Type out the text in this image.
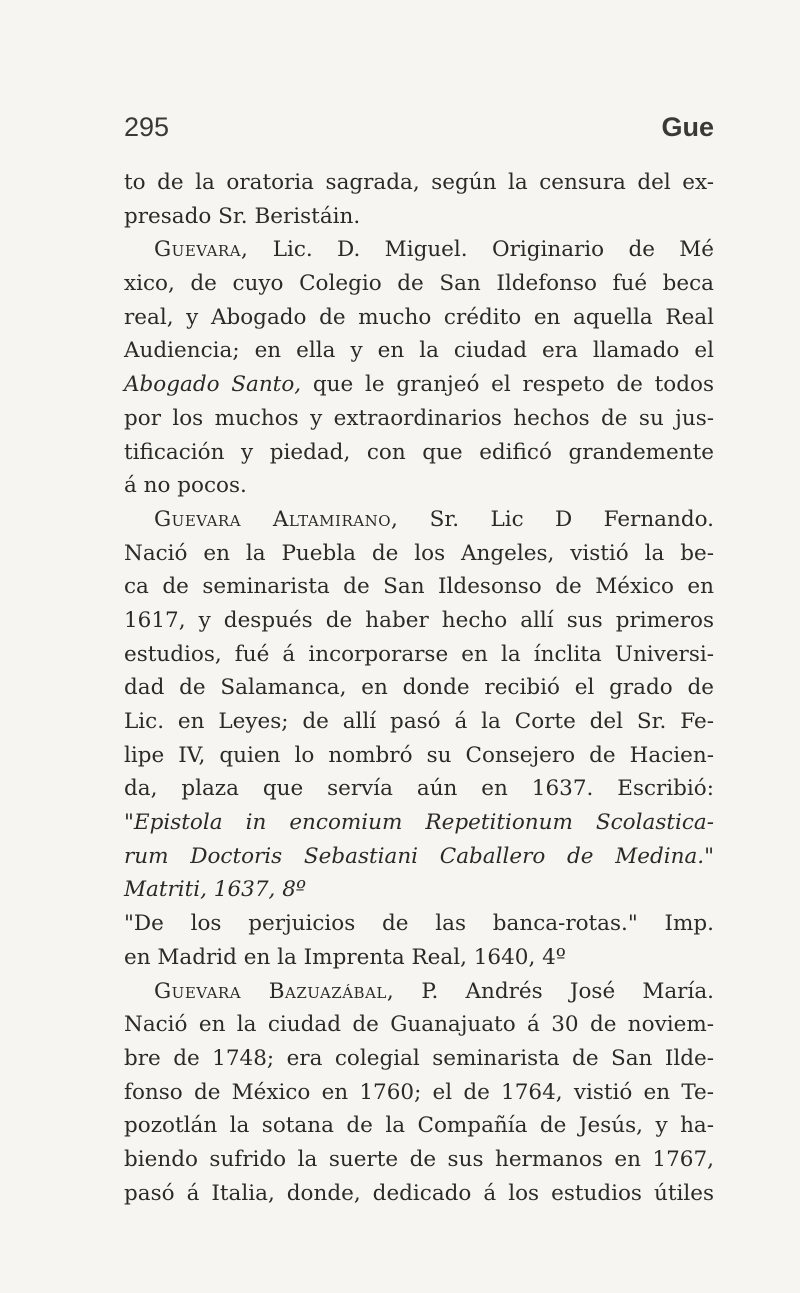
295	Gue
to de la oratoria sagrada, según la censura del ex-
presado Sr. Beristáin.
Guevara, Lic. D. Miguel. Originario de Mé
xico, de cuyo Colegio de San Ildefonso fué beca
real, y Abogado de mucho crédito en aquella Real
Audiencia; en ella y en la ciudad era llamado el
Abogado Santo, que le granjeó el respeto de todos
por los muchos y extraordinarios hechos de su jus-
tificación y piedad, con que edificó grandemente
á no pocos.
Guevara Altamirano, Sr. Lic D Fernando.
Nació en la Puebla de los Angeles, vistió la be-
ca de seminarista de San Ildesonso de México en
1617, y después de haber hecho allí sus primeros
estudios, fué á incorporarse en la ínclita Universi-
dad de Salamanca, en donde recibió el grado de
Lic. en Leyes; de allí pasó á la Corte del Sr. Fe-
lipe IV, quien lo nombró su Consejero de Hacien-
da, plaza que servía aún en 1637. Escribió:
"Epistola in encomium Repetitionum Scolastica-
rum Doctoris Sebastiani Caballero de Medina."
Matriti, 1637, 8º
"De los perjuicios de las banca-rotas." Imp.
en Madrid en la Imprenta Real, 1640, 4º
Guevara Bazuazábal, P. Andrés José María.
Nació en la ciudad de Guanajuato á 30 de noviem-
bre de 1748; era colegial seminarista de San Ilde-
fonso de México en 1760; el de 1764, vistió en Te-
pozotlán la sotana de la Compañía de Jesús, y ha-
biendo sufrido la suerte de sus hermanos en 1767,
pasó á Italia, donde, dedicado á los estudios útiles
